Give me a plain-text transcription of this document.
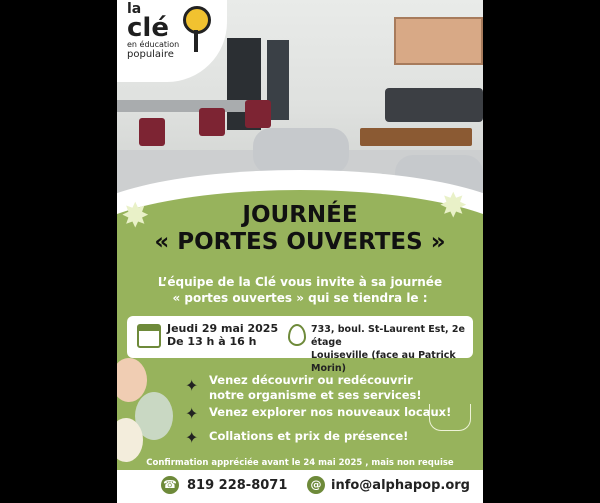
la
clé
en éducation
populaire
✸	✸
JOURNÉE
« PORTES OUVERTES »
L’équipe de la Clé vous invite à sa journée
« portes ouvertes » qui se tiendra le :
Jeudi 29 mai 2025
De 13 h à 16 h
733, boul. St-Laurent Est, 2e étage
Louiseville (face au Patrick Morin)
✦ Venez découvrir ou redécouvrir
notre organisme et ses services!
✦ Venez explorer nos nouveaux locaux!
✦ Collations et prix de présence!
Confirmation appréciée avant le 24 mai 2025 , mais non requise
☎ 819 228-8071	@ info@alphapop.org
